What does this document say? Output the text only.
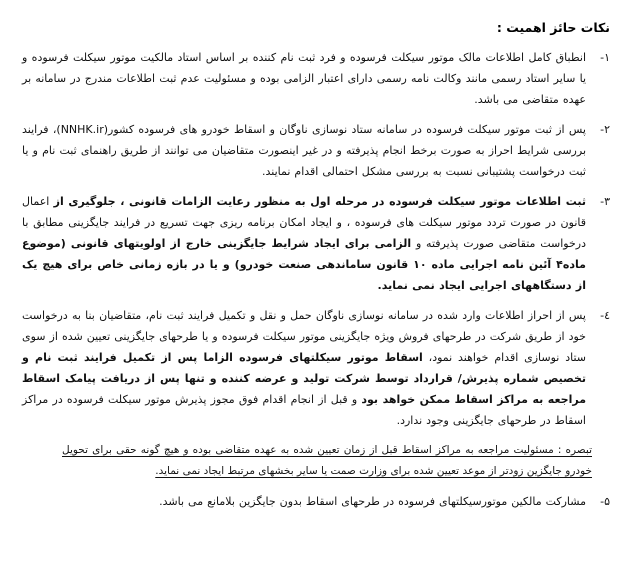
نکات حائز اهمیت :
۱-
انطباق کامل اطلاعات مالک موتور سیکلت فرسوده و فرد ثبت نام کننده بر اساس استاد مالکیت موتور سیکلت فرسوده و یا سایر استاد رسمی مانند وکالت نامه رسمی دارای اعتبار الزامی بوده و مسئولیت عدم ثبت اطلاعات مندرج در سامانه بر عهده متقاضی می باشد.
۲-
پس از ثبت موتور سیکلت فرسوده در سامانه ستاد نوسازی ناوگان و اسقاط خودرو های فرسوده کشور(NNHK.ir)، فرایند بررسی شرایط احراز به صورت برخط انجام پذیرفته و در غیر اینصورت متقاضیان می توانند از طریق راهنمای ثبت نام و یا ثبت درخواست پشتیبانی نسبت به بررسی مشکل احتمالی اقدام نمایند.
۳-
ثبت اطلاعات موتور سیکلت فرسوده در مرحله اول به منظور رعایت الزامات قانونی ، جلوگیری از اعمال قانون در صورت تردد موتور سیکلت های فرسوده ، و ایجاد امکان برنامه ریزی جهت تسریع در فرایند جایگزینی مطابق با درخواست متقاضی صورت پذیرفته و الزامی برای ایجاد شرایط جایگزینی خارج از اولویتهای قانونی (موضوع ماده۴ آئین نامه اجرایی ماده ۱۰ قانون ساماندهی صنعت خودرو) و یا در بازه زمانی خاص برای هیچ یک از دستگاههای اجرایی ایجاد نمی نماید.
٤-
پس از احراز اطلاعات وارد شده در سامانه نوسازی ناوگان حمل و نقل و تکمیل فرایند ثبت نام، متقاضیان بنا به درخواست خود از طریق شرکت در طرحهای فروش ویژه جایگزینی موتور سیکلت فرسوده و یا طرحهای جایگزینی تعیین شده از سوی ستاد نوسازی اقدام خواهند نمود، اسقاط موتور سیکلتهای فرسوده الزاما پس از تکمیل فرایند ثبت نام و تخصیص شماره پذیرش/ قرارداد توسط شرکت تولید و عرضه کننده و تنها پس از دریافت پیامک اسقاط مراجعه به مراکز اسقاط ممکن خواهد بود و قبل از انجام اقدام فوق مجوز پذیرش موتور سیکلت فرسوده در مراکز اسقاط در طرحهای جایگزینی وجود ندارد.
تبصره : مسئولیت مراجعه به مراکز اسقاط قبل از زمان تعیین شده به عهده متقاضی بوده و هیچ گونه حقی برای تحویل خودرو جایگزین زودتر از موعد تعیین شده برای وزارت صمت یا سایر بخشهای مرتبط ایجاد نمی نماید.
۵-
مشارکت مالکین موتورسیکلتهای فرسوده در طرحهای اسقاط بدون جایگزین بلامانع می باشد.
